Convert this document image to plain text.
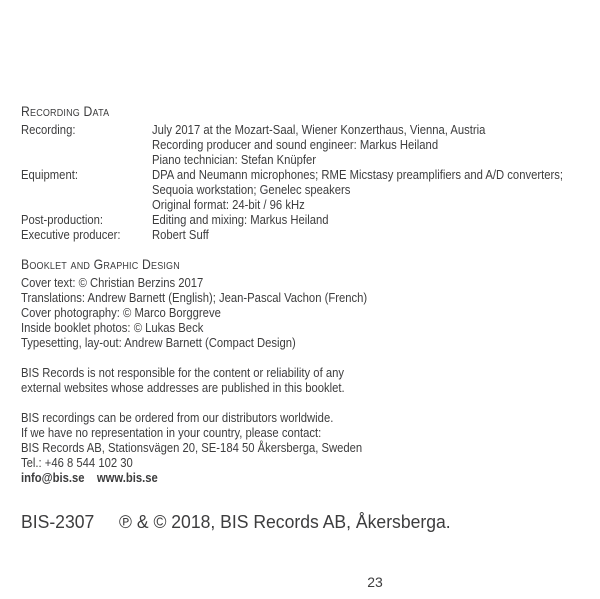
Recording Data
Recording:	July 2017 at the Mozart-Saal, Wiener Konzerthaus, Vienna, Austria
Recording producer and sound engineer: Markus Heiland
Piano technician: Stefan Knüpfer
Equipment:	DPA and Neumann microphones; RME Micstasy preamplifiers and A/D converters;
Sequoia workstation; Genelec speakers
Original format: 24-bit / 96 kHz
Post-production:	Editing and mixing: Markus Heiland
Executive producer:	Robert Suff
Booklet and Graphic Design
Cover text: © Christian Berzins 2017
Translations: Andrew Barnett (English); Jean-Pascal Vachon (French)
Cover photography: © Marco Borggreve
Inside booklet photos: © Lukas Beck
Typesetting, lay-out: Andrew Barnett (Compact Design)
BIS Records is not responsible for the content or reliability of any
external websites whose addresses are published in this booklet.
BIS recordings can be ordered from our distributors worldwide.
If we have no representation in your country, please contact:
BIS Records AB, Stationsvägen 20, SE-184 50 Åkersberga, Sweden
Tel.: +46 8 544 102 30
info@bis.se www.bis.se
BIS-2307 ℗ & © 2018, BIS Records AB, Åkersberga.
23
